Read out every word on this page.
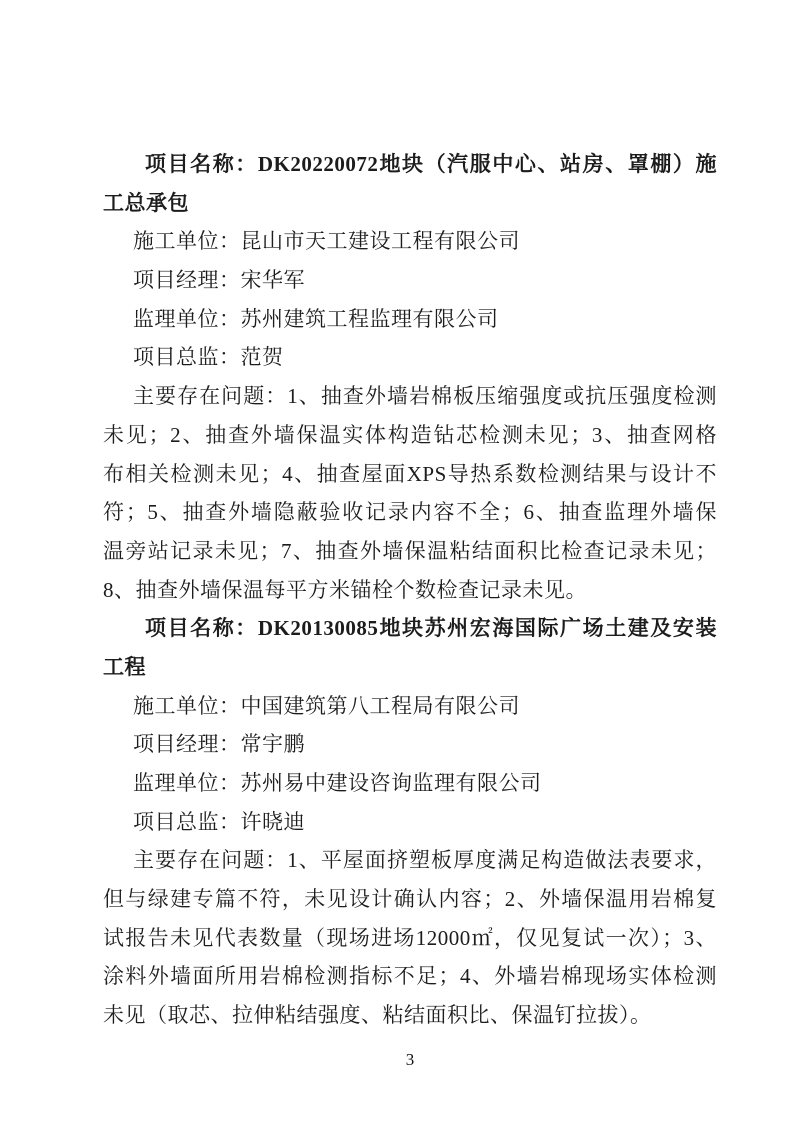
项目名称：DK20220072地块（汽服中心、站房、罩棚）施
工总承包
施工单位：昆山市天工建设工程有限公司
项目经理：宋华军
监理单位：苏州建筑工程监理有限公司
项目总监：范贺
主要存在问题：1、抽查外墙岩棉板压缩强度或抗压强度检测
未见；2、抽查外墙保温实体构造钻芯检测未见；3、抽查网格
布相关检测未见；4、抽查屋面XPS导热系数检测结果与设计不
符；5、抽查外墙隐蔽验收记录内容不全；6、抽查监理外墙保
温旁站记录未见；7、抽查外墙保温粘结面积比检查记录未见；
8、抽查外墙保温每平方米锚栓个数检查记录未见。
项目名称：DK20130085地块苏州宏海国际广场土建及安装
工程
施工单位：中国建筑第八工程局有限公司
项目经理：常宇鹏
监理单位：苏州易中建设咨询监理有限公司
项目总监：许晓迪
主要存在问题：1、平屋面挤塑板厚度满足构造做法表要求，
但与绿建专篇不符，未见设计确认内容；2、外墙保温用岩棉复
试报告未见代表数量（现场进场12000㎡，仅见复试一次）；3、
涂料外墙面所用岩棉检测指标不足；4、外墙岩棉现场实体检测
未见（取芯、拉伸粘结强度、粘结面积比、保温钉拉拔）。
3
